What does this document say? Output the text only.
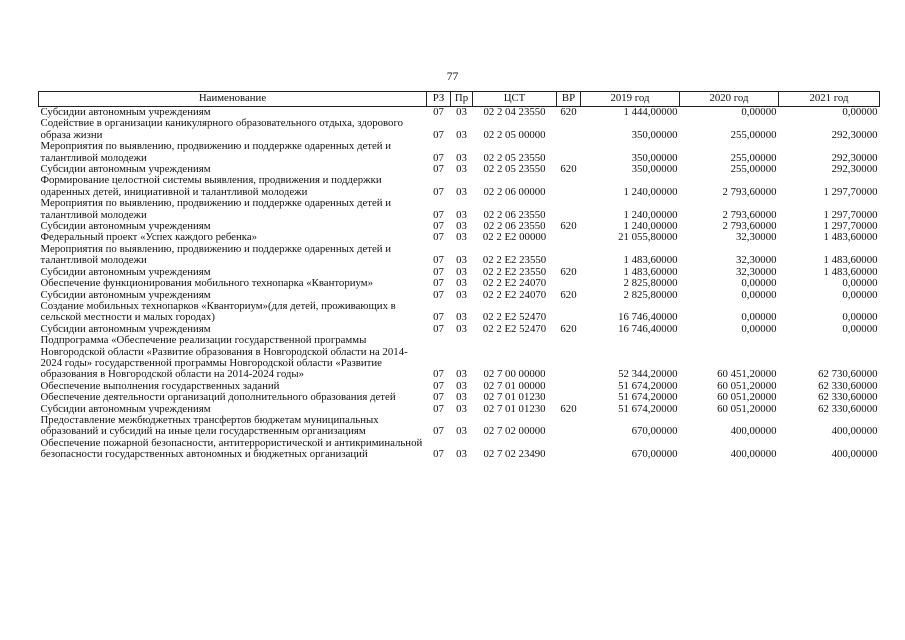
77
Наименование	РЗ	Пр	ЦСТ	ВР	2019 год	2020 год	2021 год
Субсидии автономным учреждениям	07	03	02 2 04 23550	620	1 444,00000	0,00000	0,00000
Содействие в организации каникулярного образовательного отдыха, здорового образа жизни	07	03	02 2 05 00000		350,00000	255,00000	292,30000
Мероприятия по выявлению, продвижению и поддержке одаренных детей и талантливой молодежи	07	03	02 2 05 23550		350,00000	255,00000	292,30000
Субсидии автономным учреждениям	07	03	02 2 05 23550	620	350,00000	255,00000	292,30000
Формирование целостной системы выявления, продвижения и поддержки одаренных детей, инициативной и талантливой молодежи	07	03	02 2 06 00000		1 240,00000	2 793,60000	1 297,70000
Мероприятия по выявлению, продвижению и поддержке одаренных детей и талантливой молодежи	07	03	02 2 06 23550		1 240,00000	2 793,60000	1 297,70000
Субсидии автономным учреждениям	07	03	02 2 06 23550	620	1 240,00000	2 793,60000	1 297,70000
Федеральный проект «Успех каждого ребенка»	07	03	02 2 E2 00000		21 055,80000	32,30000	1 483,60000
Мероприятия по выявлению, продвижению и поддержке одаренных детей и талантливой молодежи	07	03	02 2 E2 23550		1 483,60000	32,30000	1 483,60000
Субсидии автономным учреждениям	07	03	02 2 E2 23550	620	1 483,60000	32,30000	1 483,60000
Обеспечение функционирования мобильного технопарка «Кванториум»	07	03	02 2 E2 24070		2 825,80000	0,00000	0,00000
Субсидии автономным учреждениям	07	03	02 2 E2 24070	620	2 825,80000	0,00000	0,00000
Создание мобильных технопарков «Кванториум»(для детей, проживающих в сельской местности и малых городах)	07	03	02 2 E2 52470		16 746,40000	0,00000	0,00000
Субсидии автономным учреждениям	07	03	02 2 E2 52470	620	16 746,40000	0,00000	0,00000
Подпрограмма «Обеспечение реализации государственной программы Новгородской области «Развитие образования в Новгородской области на 2014-2024 годы» государственной программы Новгородской области «Развитие образования в Новгородской области на 2014-2024 годы»	07	03	02 7 00 00000		52 344,20000	60 451,20000	62 730,60000
Обеспечение выполнения государственных заданий	07	03	02 7 01 00000		51 674,20000	60 051,20000	62 330,60000
Обеспечение деятельности организаций дополнительного образования детей	07	03	02 7 01 01230		51 674,20000	60 051,20000	62 330,60000
Субсидии автономным учреждениям	07	03	02 7 01 01230	620	51 674,20000	60 051,20000	62 330,60000
Предоставление межбюджетных трансфертов бюджетам муниципальных образований и субсидий на иные цели государственным организациям	07	03	02 7 02 00000		670,00000	400,00000	400,00000
Обеспечение пожарной безопасности, антитеррористической и антикриминальной безопасности государственных автономных и бюджетных организаций	07	03	02 7 02 23490		670,00000	400,00000	400,00000
